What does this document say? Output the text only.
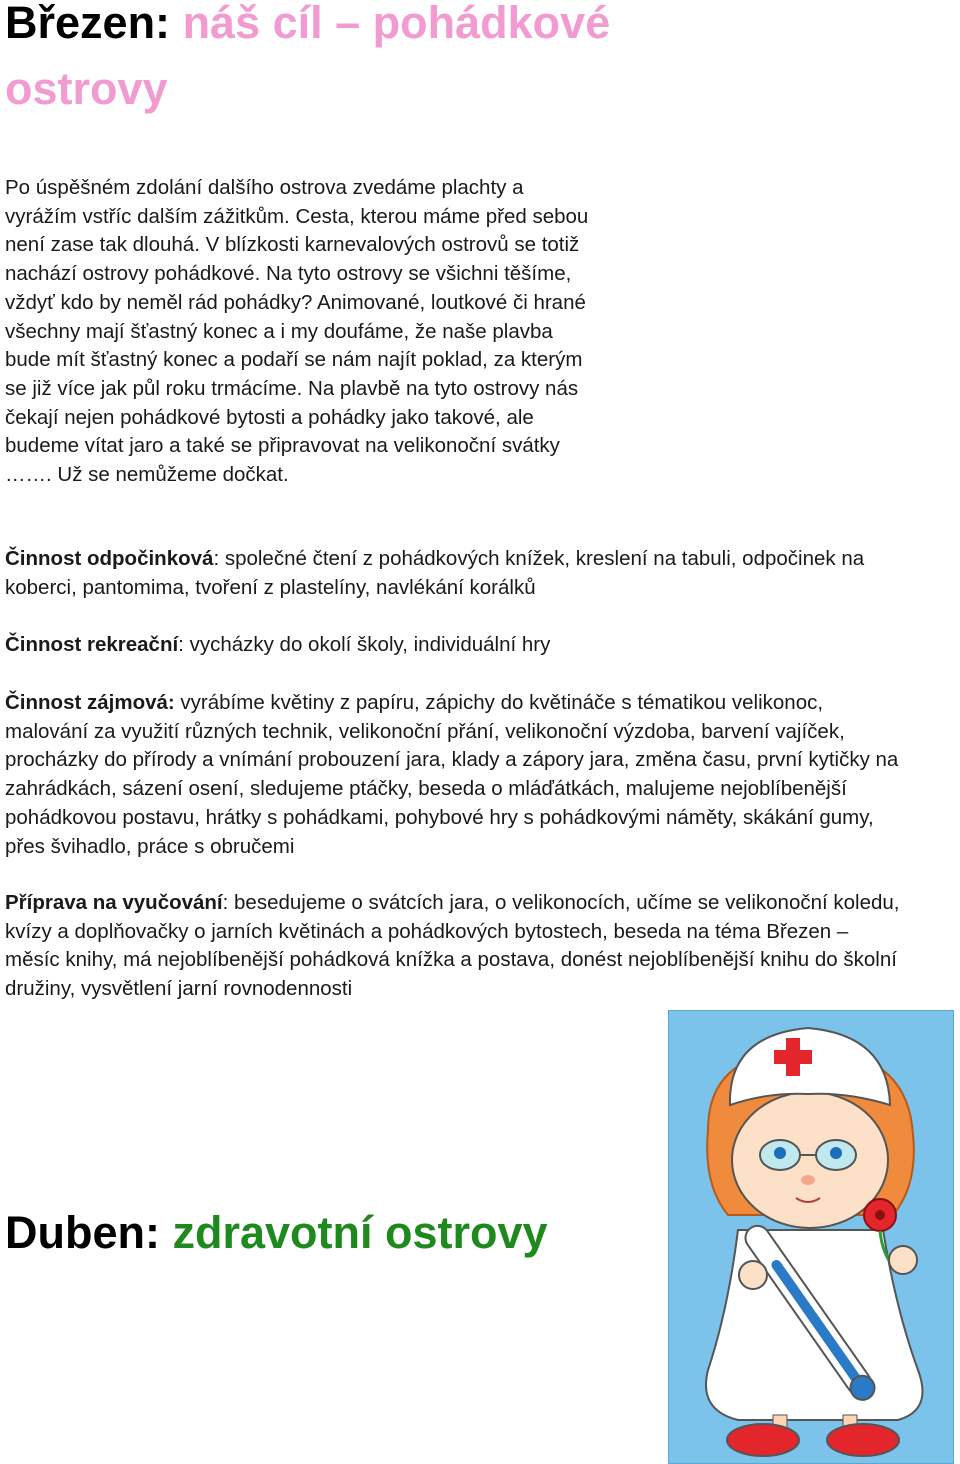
Březen: náš cíl – pohádkové ostrovy

Po úspěšném zdolání dalšího ostrova zvedáme plachty a vyrážím vstříc dalším zážitkům. Cesta, kterou máme před sebou není zase tak dlouhá. V blízkosti karnevalových ostrovů se totiž nachází ostrovy pohádkové. Na tyto ostrovy se všichni těšíme, vždyť kdo by neměl rád pohádky? Animované, loutkové či hrané všechny mají šťastný konec a i my doufáme, že naše plavba bude mít šťastný konec a podaří se nám najít poklad, za kterým se již více jak půl roku trmácíme. Na plavbě na tyto ostrovy nás čekají nejen pohádkové bytosti a pohádky jako takové, ale budeme vítat jaro a také se připravovat na velikonoční svátky ……. Už se nemůžeme dočkat.

Činnost odpočinková: společné čtení z pohádkových knížek, kreslení na tabuli, odpočinek na koberci, pantomima, tvoření z plastelíny, navlékání korálků

Činnost rekreační: vycházky do okolí školy, individuální hry

Činnost zájmová: vyrábíme květiny z papíru, zápichy do květináče s tématikou velikonoc, malování za využití různých technik, velikonoční přání, velikonoční výzdoba, barvení vajíček, procházky do přírody a vnímání probouzení jara, klady a zápory jara, změna času, první kytičky na zahrádkách, sázení osení, sledujeme ptáčky, beseda o mláďátkách, malujeme nejoblíbenější pohádkovou postavu, hrátky s pohádkami, pohybové hry s pohádkovými náměty, skákání gumy, přes švihadlo, práce s obručemi

Příprava na vyučování: besedujeme o svátcích jara, o velikonocích, učíme se velikonoční koledu, kvízy a doplňovačky o jarních květinách a pohádkových bytostech, beseda na téma Březen – měsíc knihy, má nejoblíbenější pohádková knížka a postava, donést nejoblíbenější knihu do školní družiny, vysvětlení jarní rovnodennosti

Duben: zdravotní ostrovy
